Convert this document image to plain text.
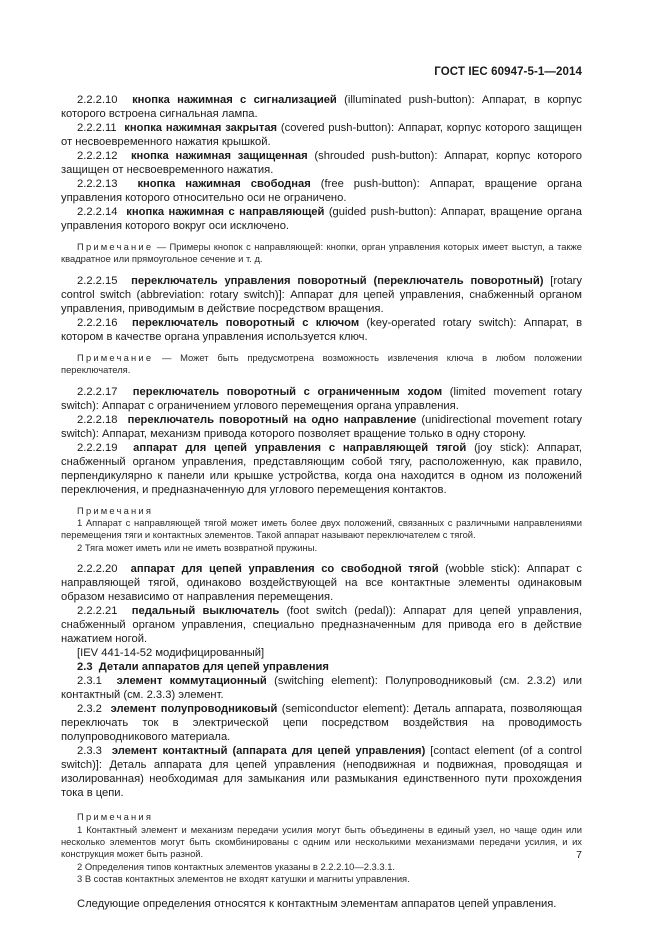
ГОСТ IEC 60947-5-1—2014

2.2.2.10 кнопка нажимная с сигнализацией (illuminated push-button): Аппарат, в корпус которого встроена сигнальная лампа.

2.2.2.11 кнопка нажимная закрытая (covered push-button): Аппарат, корпус которого защищен от несвоевременного нажатия крышкой.

2.2.2.12 кнопка нажимная защищенная (shrouded push-button): Аппарат, корпус которого защищен от несвоевременного нажатия.

2.2.2.13 кнопка нажимная свободная (free push-button): Аппарат, вращение органа управления которого относительно оси не ограничено.

2.2.2.14 кнопка нажимная с направляющей (guided push-button): Аппарат, вращение органа управления которого вокруг оси исключено.

Примечание — Примеры кнопок с направляющей: кнопки, орган управления которых имеет выступ, а также квадратное или прямоугольное сечение и т. д.

2.2.2.15 переключатель управления поворотный (переключатель поворотный) [rotary control switch (abbreviation: rotary switch)]: Аппарат для цепей управления, снабженный органом управления, приводимым в действие посредством вращения.

2.2.2.16 переключатель поворотный с ключом (key-operated rotary switch): Аппарат, в котором в качестве органа управления используется ключ.

Примечание — Может быть предусмотрена возможность извлечения ключа в любом положении переключателя.

2.2.2.17 переключатель поворотный с ограниченным ходом (limited movement rotary switch): Аппарат с ограничением углового перемещения органа управления.

2.2.2.18 переключатель поворотный на одно направление (unidirectional movement rotary switch): Аппарат, механизм привода которого позволяет вращение только в одну сторону.

2.2.2.19 аппарат для цепей управления с направляющей тягой (joy stick): Аппарат, снабженный органом управления, представляющим собой тягу, расположенную, как правило, перпендикулярно к панели или крышке устройства, когда она находится в одном из положений переключения, и предназначенную для углового перемещения контактов.

Примечания

1 Аппарат с направляющей тягой может иметь более двух положений, связанных с различными направлениями перемещения тяги и контактных элементов. Такой аппарат называют переключателем с тягой.

2 Тяга может иметь или не иметь возвратной пружины.

2.2.2.20 аппарат для цепей управления со свободной тягой (wobble stick): Аппарат с направляющей тягой, одинаково воздействующей на все контактные элементы одинаковым образом независимо от направления перемещения.

2.2.2.21 педальный выключатель (foot switch (pedal)): Аппарат для цепей управления, снабженный органом управления, специально предназначенным для привода его в действие нажатием ногой.

[IEV 441-14-52 модифицированный]

2.3 Детали аппаратов для цепей управления

2.3.1 элемент коммутационный (switching element): Полупроводниковый (см. 2.3.2) или контактный (см. 2.3.3) элемент.

2.3.2 элемент полупроводниковый (semiconductor element): Деталь аппарата, позволяющая переключать ток в электрической цепи посредством воздействия на проводимость полупроводникового материала.

2.3.3 элемент контактный (аппарата для цепей управления) [contact element (of a control switch)]: Деталь аппарата для цепей управления (неподвижная и подвижная, проводящая и изолированная) необходимая для замыкания или размыкания единственного пути прохождения тока в цепи.

Примечания

1 Контактный элемент и механизм передачи усилия могут быть объединены в единый узел, но чаще один или несколько элементов могут быть скомбинированы с одним или несколькими механизмами передачи усилия, и их конструкция может быть разной.

2 Определения типов контактных элементов указаны в 2.2.2.10—2.3.3.1.

3 В состав контактных элементов не входят катушки и магниты управления.

Следующие определения относятся к контактным элементам аппаратов цепей управления.

7
